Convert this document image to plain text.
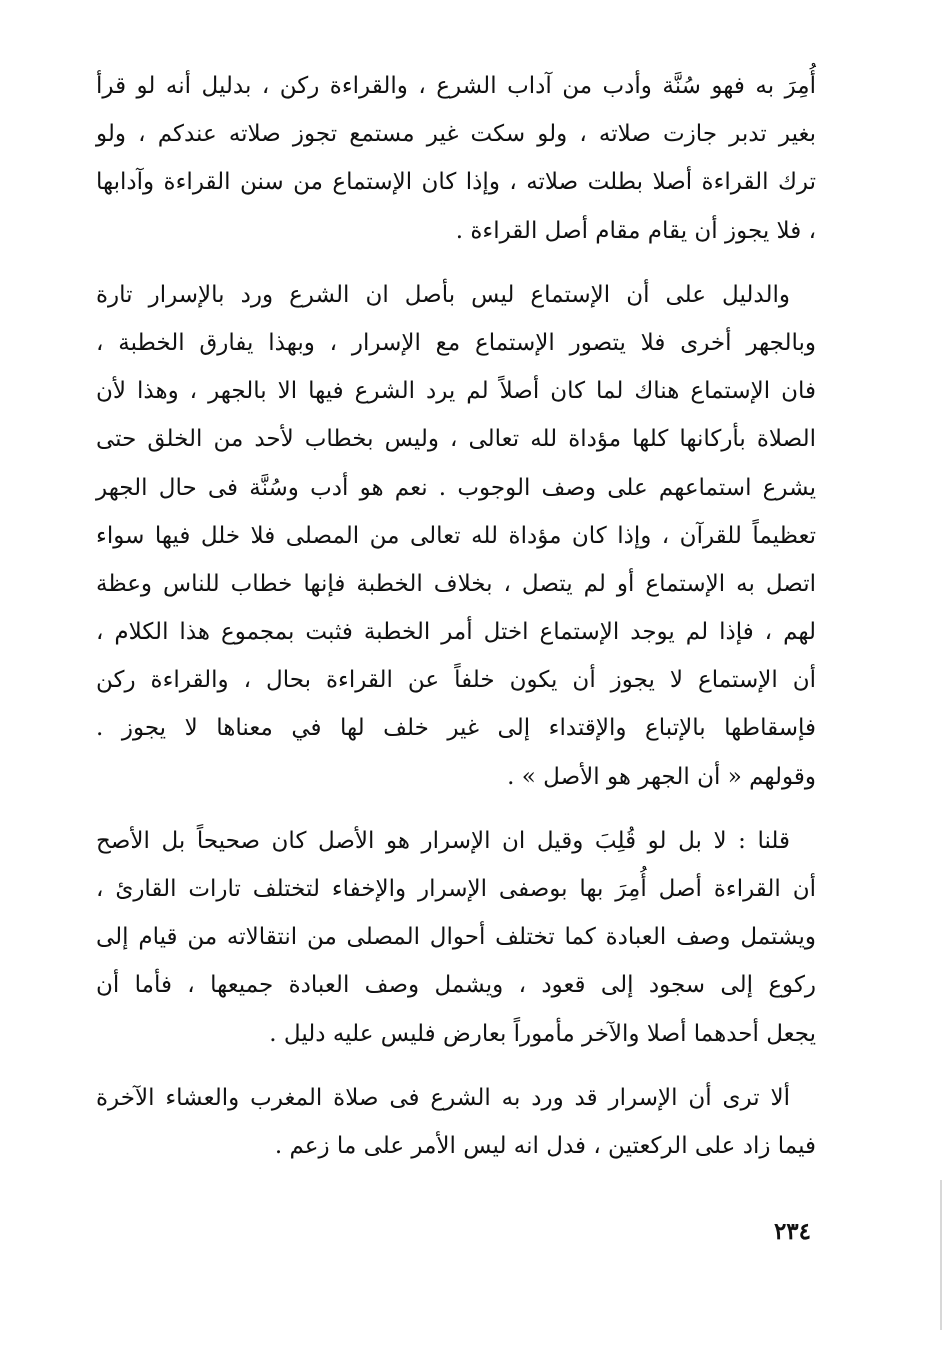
أُمِرَ به فهو سُنَّة وأدب من آداب الشرع ، والقراءة ركن ، بدليل أنه لو قرأ
بغير تدبر جازت صلاته ، ولو سكت غير مستمع تجوز صلاته عندكم ، ولو
ترك القراءة أصلا بطلت صلاته ، وإذا كان الإستماع من سنن القراءة وآدابها
، فلا يجوز أن يقام مقام أصل القراءة .
والدليل على أن الإستماع ليس بأصل ان الشرع ورد بالإسرار تارة
وبالجهر أخرى فلا يتصور الإستماع مع الإسرار ، وبهذا يفارق الخطبة ،
فان الإستماع هناك لما كان أصلاً لم يرد الشرع فيها الا بالجهر ، وهذا لأن
الصلاة بأركانها كلها مؤداة لله تعالى ، وليس بخطاب لأحد من الخلق حتى
يشرع استماعهم على وصف الوجوب . نعم هو أدب وسُنَّة فى حال الجهر
تعظيماً للقرآن ، وإذا كان مؤداة لله تعالى من المصلى فلا خلل فيها سواء
اتصل به الإستماع أو لم يتصل ، بخلاف الخطبة فإنها خطاب للناس وعظة
لهم ، فإذا لم يوجد الإستماع اختل أمر الخطبة فثبت بمجموع هذا الكلام ،
أن الإستماع لا يجوز أن يكون خلفاً عن القراءة بحال ، والقراءة ركن
فإسقاطها بالإتباع والإقتداء إلى غير خلف لها في معناها لا يجوز .
وقولهم « أن الجهر هو الأصل » .
قلنا : لا بل لو قُلِبَ وقيل ان الإسرار هو الأصل كان صحيحاً بل الأصح
أن القراءة أصل أُمِرَ بها بوصفى الإسرار والإخفاء لتختلف تارات القارئ ،
ويشتمل وصف العبادة كما تختلف أحوال المصلى من انتقالاته من قيام إلى
ركوع إلى سجود إلى قعود ، ويشمل وصف العبادة جميعها ، فأما أن
يجعل أحدهما أصلا والآخر مأموراً بعارض فليس عليه دليل .
ألا ترى أن الإسرار قد ورد به الشرع فى صلاة المغرب والعشاء الآخرة
فيما زاد على الركعتين ، فدل انه ليس الأمر على ما زعم .
٢٣٤
